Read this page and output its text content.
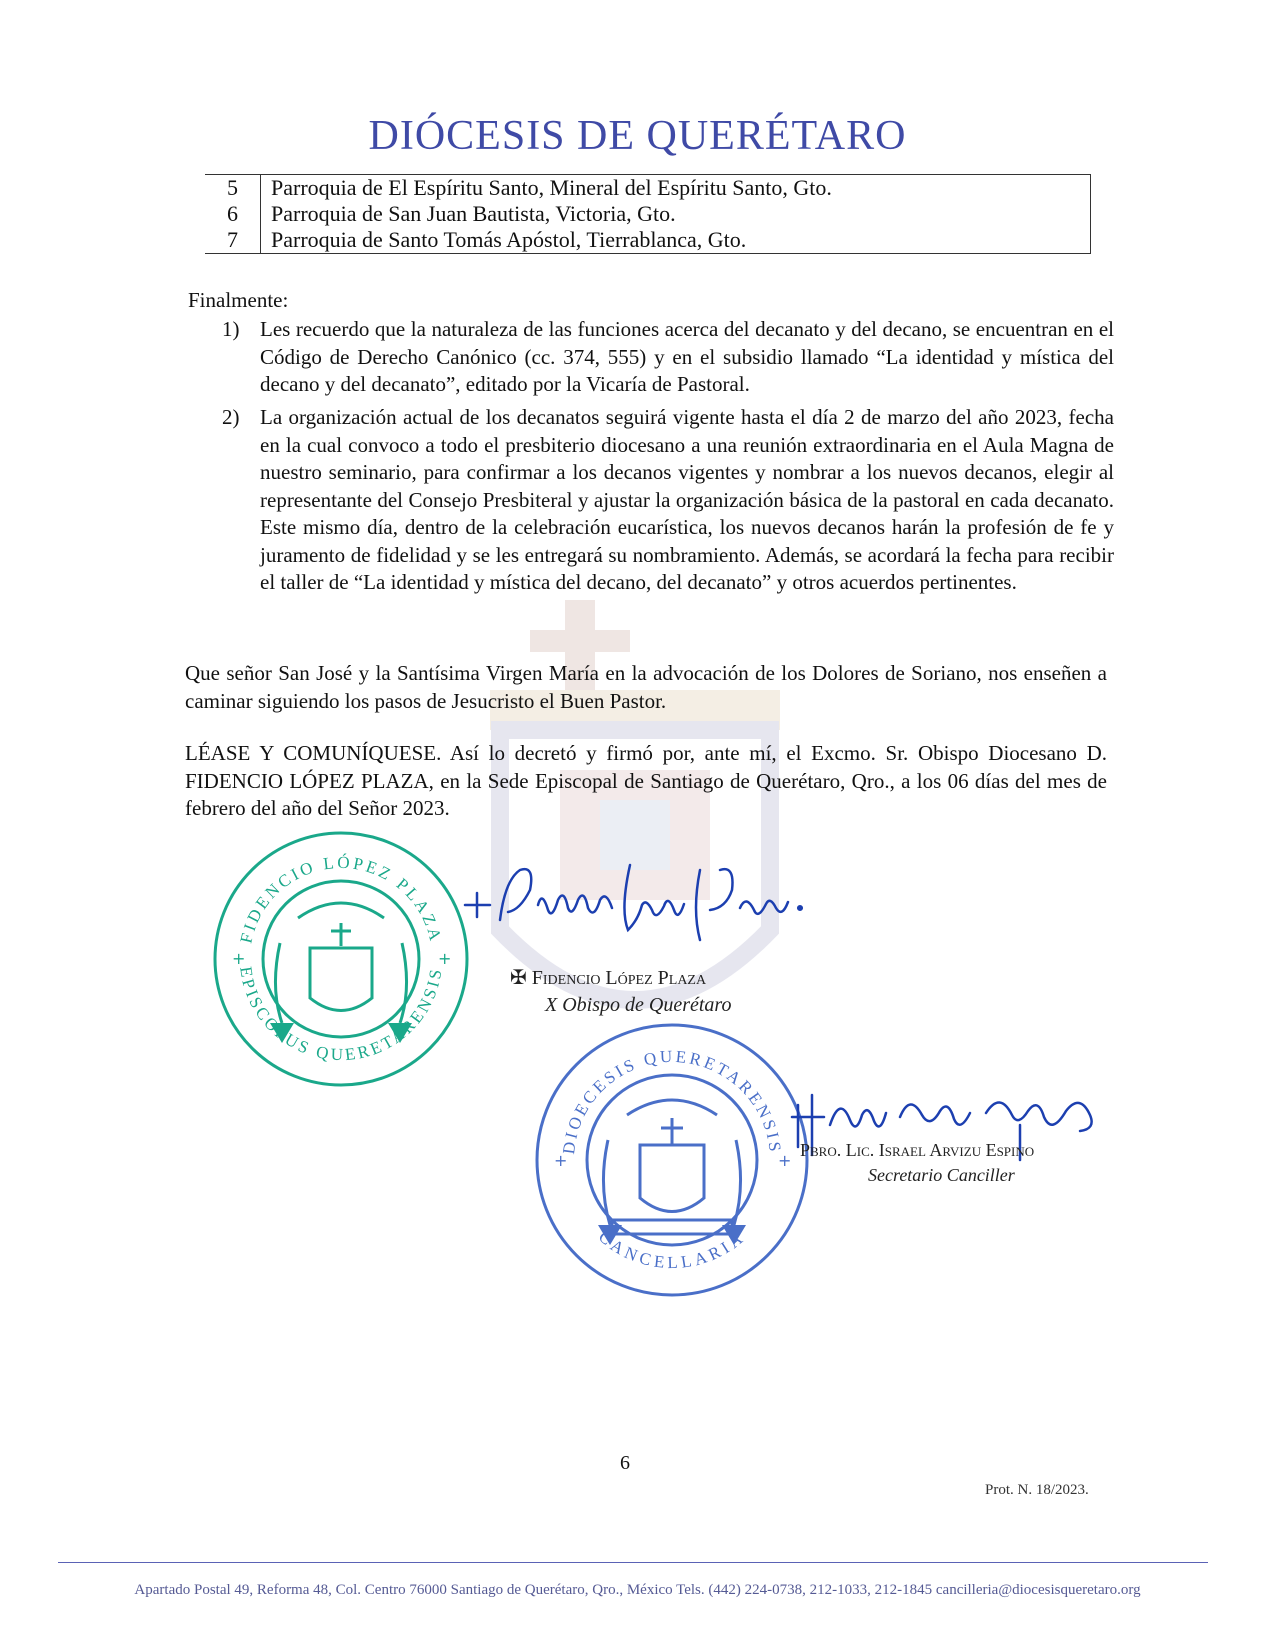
DIÓCESIS DE QUERÉTARO
5	Parroquia de El Espíritu Santo, Mineral del Espíritu Santo, Gto.
6	Parroquia de San Juan Bautista, Victoria, Gto.
7	Parroquia de Santo Tomás Apóstol, Tierrablanca, Gto.
Finalmente:
1) Les recuerdo que la naturaleza de las funciones acerca del decanato y del decano, se encuentran en el Código de Derecho Canónico (cc. 374, 555) y en el subsidio llamado “La identidad y mística del decano y del decanato”, editado por la Vicaría de Pastoral.
2) La organización actual de los decanatos seguirá vigente hasta el día 2 de marzo del año 2023, fecha en la cual convoco a todo el presbiterio diocesano a una reunión extraordinaria en el Aula Magna de nuestro seminario, para confirmar a los decanos vigentes y nombrar a los nuevos decanos, elegir al representante del Consejo Presbiteral y ajustar la organización básica de la pastoral en cada decanato. Este mismo día, dentro de la celebración eucarística, los nuevos decanos harán la profesión de fe y juramento de fidelidad y se les entregará su nombramiento. Además, se acordará la fecha para recibir el taller de “La identidad y mística del decano, del decanato” y otros acuerdos pertinentes.
Que señor San José y la Santísima Virgen María en la advocación de los Dolores de Soriano, nos enseñen a caminar siguiendo los pasos de Jesucristo el Buen Pastor.
LÉASE Y COMUNÍQUESE. Así lo decretó y firmó por, ante mí, el Excmo. Sr. Obispo Diocesano D. FIDENCIO LÓPEZ PLAZA, en la Sede Episcopal de Santiago de Querétaro, Qro., a los 06 días del mes de febrero del año del Señor 2023.
+	+
FIDENCIO LÓPEZ PLAZA
EPISCOPUS QUERETARENSIS
+	+
DIOECESIS QUERETARENSIS
CANCELLARIA
✠ Fidencio López Plaza
X Obispo de Querétaro
Pbro. Lic. Israel Arvizu Espino
Secretario Canciller
6
Prot. N. 18/2023.
Apartado Postal 49, Reforma 48, Col. Centro 76000 Santiago de Querétaro, Qro., México Tels. (442) 224-0738, 212-1033, 212-1845 cancilleria@diocesisqueretaro.org
